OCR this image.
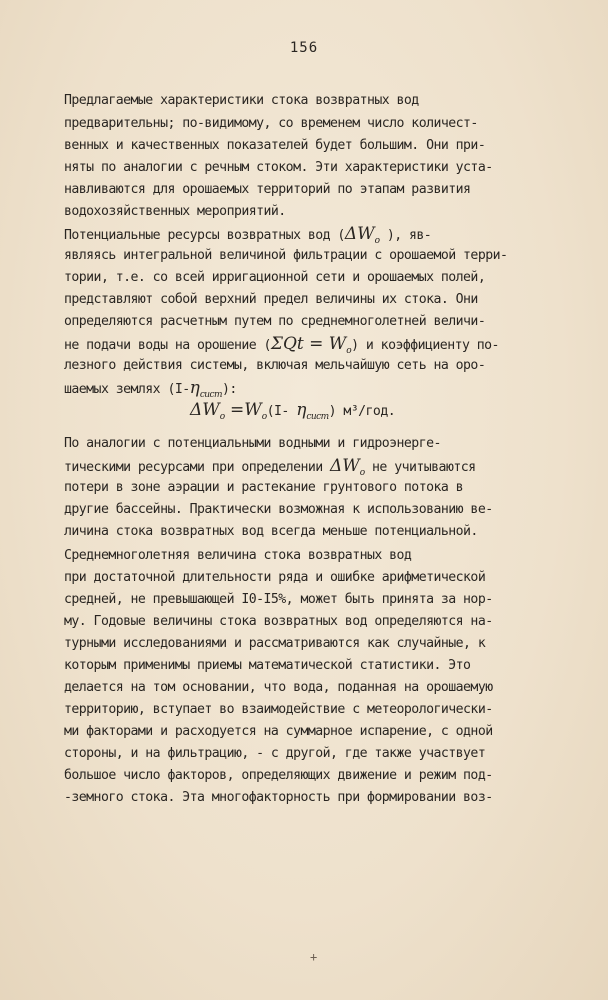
156
Предлагаемые характеристики стока возвратных вод
предварительны; по-видимому, со временем число количест-
венных и качественных показателей будет большим. Они при-
няты по аналогии с речным стоком. Эти характеристики уста-
навливаются для орошаемых территорий по этапам развития
водохозяйственных мероприятий.
Потенциальные ресурсы возвратных вод ($\Delta W_o$ ), яв-
являясь интегральной величиной фильтрации с орошаемой терри-
тории, т.е. со всей ирригационной сети и орошаемых полей,
представляют собой верхний предел величины их стока. Они
определяются расчетным путем по среднемноголетней величи-
не подачи воды на орошение $(\Sigma Qt = W_o)$ и коэффициенту по-
лезного действия системы, включая мельчайшую сеть на оро-
шаемых землях $(I-\eta_{сист})$:
$\Delta W_o =W_o(I-$ $\eta_{сист}$) м³/год.
По аналогии с потенциальными водными и гидроэнерге-
тическими ресурсами при определении $\Delta W_o$ не учитываются
потери в зоне аэрации и растекание грунтового потока в
другие бассейны. Практически возможная к использованию ве-
личина стока возвратных вод всегда меньше потенциальной.
Среднемноголетняя величина стока возвратных вод
при достаточной длительности ряда и ошибке арифметической
средней, не превышающей I0-I5%, может быть принята за нор-
му. Годовые величины стока возвратных вод определяются на-
турными исследованиями и рассматриваются как случайные, к
которым применимы приемы математической статистики. Это
делается на том основании, что вода, поданная на орошаемую
территорию, вступает во взаимодействие с метеорологически-
ми факторами и расходуется на суммарное испарение, с одной
стороны, и на фильтрацию, - с другой, где также участвует
большое число факторов, определяющих движение и режим под-
-земного стока. Эта многофакторность при формировании воз-
+
